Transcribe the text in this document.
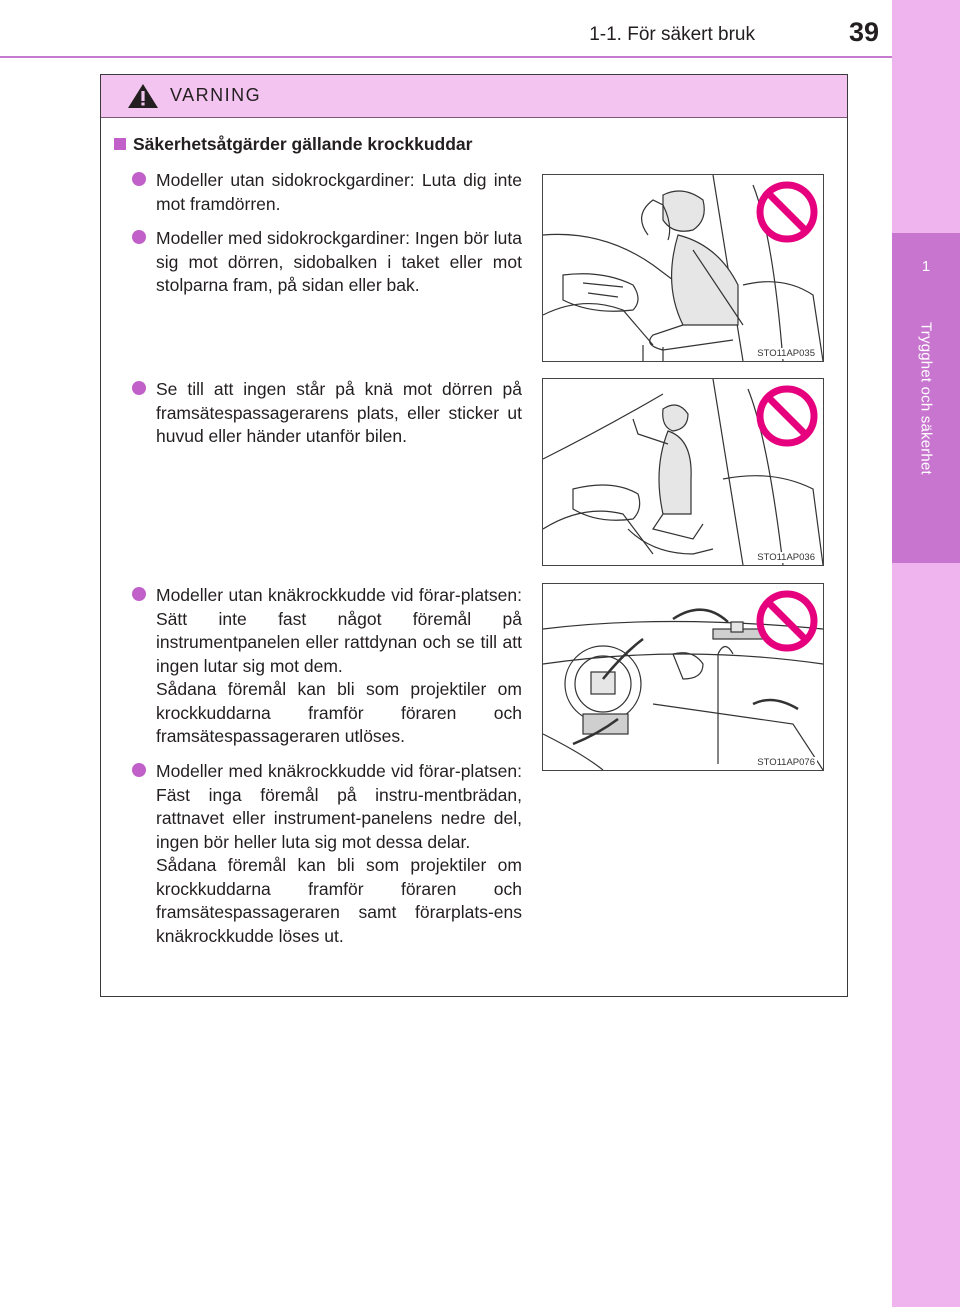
1-1. För säkert bruk	39
1
Trygghet och säkerhet
VARNING
Säkerhetsåtgärder gällande krockkuddar
Modeller utan sidokrockgardiner: Luta dig inte mot framdörren.
Modeller med sidokrockgardiner: Ingen bör luta sig mot dörren, sidobalken i taket eller mot stolparna fram, på sidan eller bak.
Se till att ingen står på knä mot dörren på framsätespassagerarens plats, eller sticker ut huvud eller händer utanför bilen.
Modeller utan knäkrockkudde vid förar-platsen: Sätt inte fast något föremål på instrumentpanelen eller rattdynan och se till att ingen lutar sig mot dem.
Sådana föremål kan bli som projektiler om krockkuddarna framför föraren och framsätespassageraren utlöses.
Modeller med knäkrockkudde vid förar-platsen: Fäst inga föremål på instru-mentbrädan, rattnavet eller instrument-panelens nedre del, ingen bör heller luta sig mot dessa delar.
Sådana föremål kan bli som projektiler om krockkuddarna framför föraren och framsätespassageraren samt förarplats-ens knäkrockkudde löses ut.
STO11AP035
STO11AP036
STO11AP076
